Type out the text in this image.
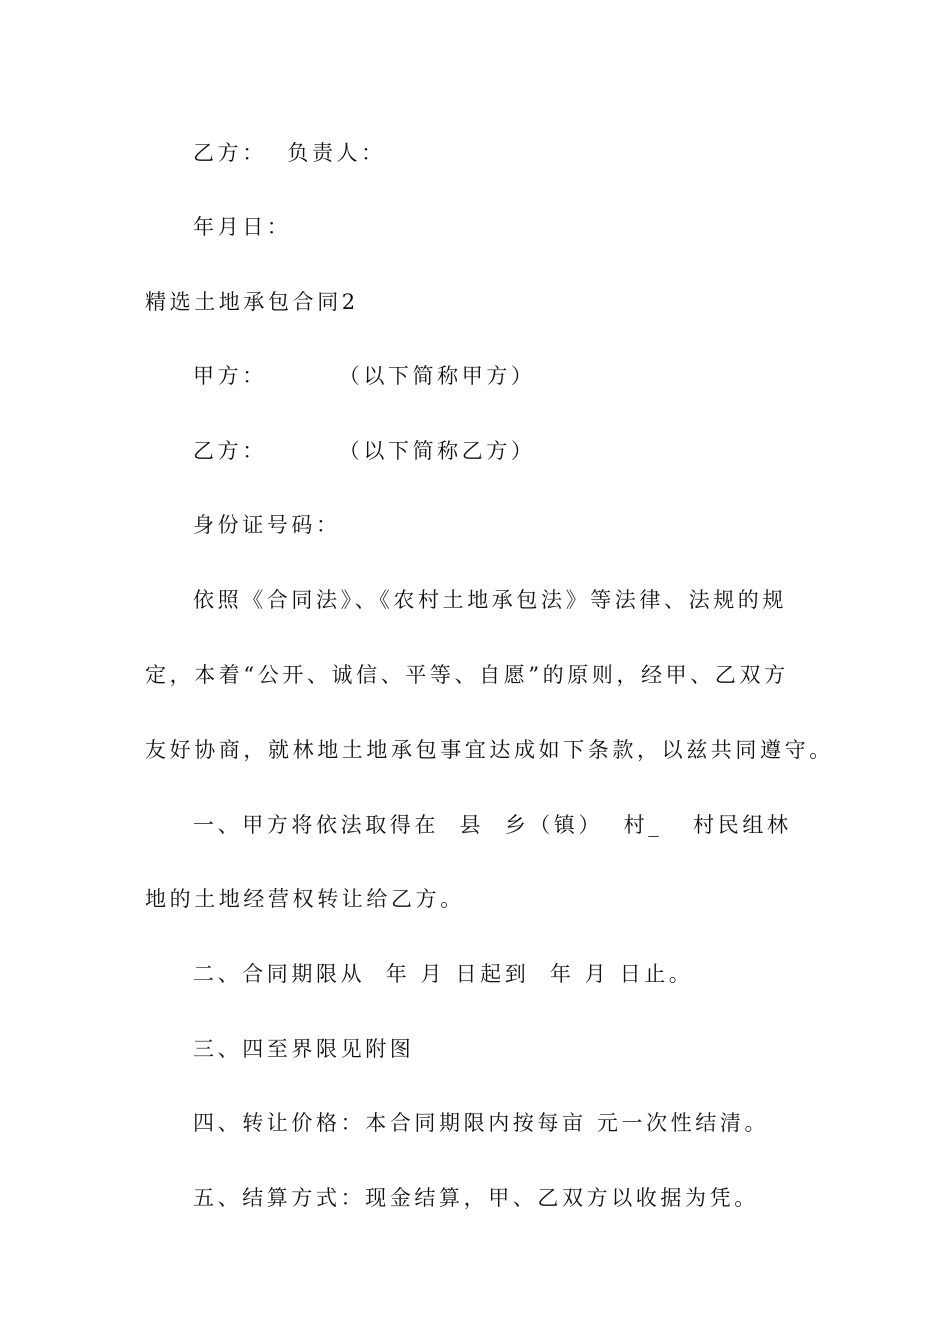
乙方：  负责人：
年月日：
精选土地承包合同2
甲方：       （以下简称甲方）
乙方：       （以下简称乙方）
身份证号码：
依照《合同法》、《农村土地承包法》等法律、法规的规
定，本着“公开、诚信、平等、自愿”的原则，经甲、乙双方
友好协商，就林地土地承包事宜达成如下条款，以兹共同遵守。
一、甲方将依法取得在  县  乡（镇）  村_   村民组林
地的土地经营权转让给乙方。
二、合同期限从  年 月 日起到  年 月 日止。
三、四至界限见附图
四、转让价格：本合同期限内按每亩 元一次性结清。
五、结算方式：现金结算，甲、乙双方以收据为凭。
